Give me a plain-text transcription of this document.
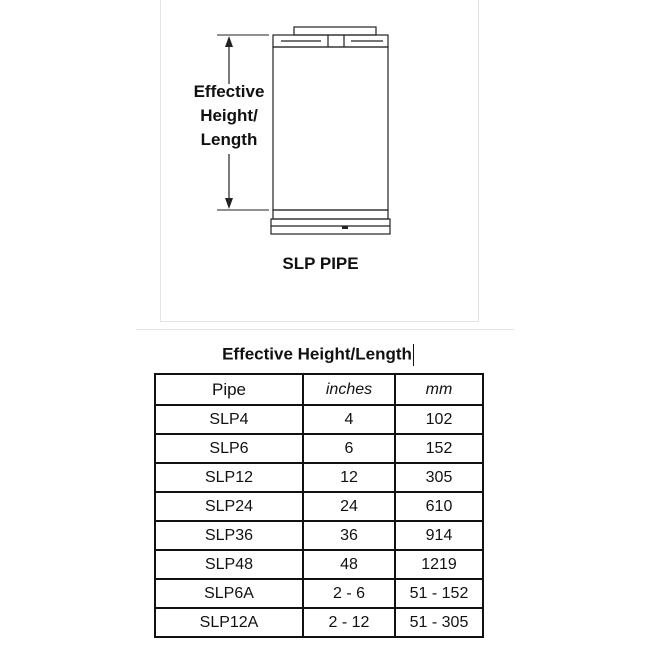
Effective
Height/
Length
SLP PIPE
Effective Height/Length
Pipe	inches	mm
SLP4	4	102
SLP6	6	152
SLP12	12	305
SLP24	24	610
SLP36	36	914
SLP48	48	1219
SLP6A	2 - 6	51 - 152
SLP12A	2 - 12	51 - 305
